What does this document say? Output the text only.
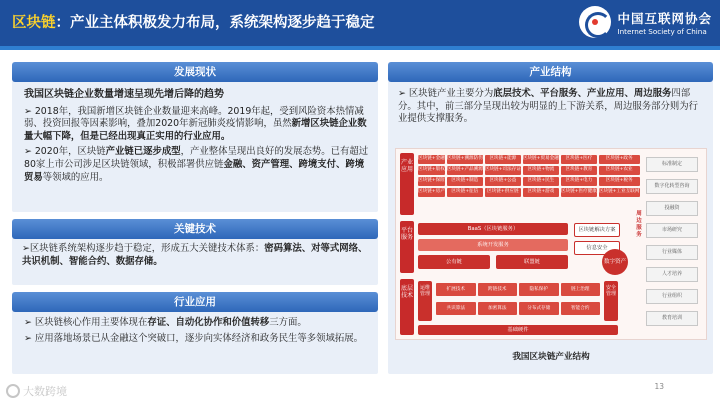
区块链：产业主体积极发力布局，系统架构逐步趋于稳定	中国互联网协会
Internet Society of China
发展现状
我国区块链企业数量增速呈现先增后降的趋势
➢ 2018年，我国新增区块链企业数量迎来高峰。2019年起，受到风险资本热情减弱、投资回报等因素影响，叠加2020年新冠肺炎疫情影响，虽然新增区块链企业数量大幅下降，但是已经出现真正实用的行业应用。
➢ 2020年，区块链产业链已逐步成型，产业整体呈现出良好的发展态势。已有超过80家上市公司涉足区块链领域，积极部署供应链金融、资产管理、跨境支付、跨境贸易等领域的应用。
关键技术
➢区块链系统架构逐步趋于稳定，形成五大关键技术体系：密码算法、对等式网络、共识机制、智能合约、数据存储。
行业应用
➢ 区块链核心作用主要体现在存证、自动化协作和价值转移三方面。
➢ 应用落地场景已从金融这个突破口，逐步向实体经济和政务民生等多领域拓展。
产业结构
➢ 区块链产业主要分为底层技术、平台服务、产业应用、周边服务四部分。其中，前三部分呈现出较为明显的上下游关系，周边服务部分则为行业提供支撑服务。
产业应用
区块链+金融 区块链+溯源防伪	区块链+能源	区块链+贸易金融	区块链+医疗	区块链+政务
区块链+版权 区块链+产品溯源 区块链+司法存证	区块链+物流	区块链+教育	区块链+农业
区块链+保险	区块链+制造	区块链+公益	区块链+民生	区块链+电力	区块链+税务
区块链+房产	区块链+征信	区块链+供应链	区块链+游戏	区块链+医疗健康 区块链+工业互联网
平台服务
BaaS（区块链服务）
系统开发服务
公有链	联盟链
区块链解决方案
信息安全
数字资产
底层技术
运维管理
扩展技术	跨链技术	隐私保护	链上治理
共识算法	加密算法	分布式存储	智能合约
安全管理
基础硬件
周边服务
标准制定
数字化转型咨询
投融资
市场研究
行业媒体
人才培养
行业组织
教育培训
我国区块链产业结构
13
大数跨境
